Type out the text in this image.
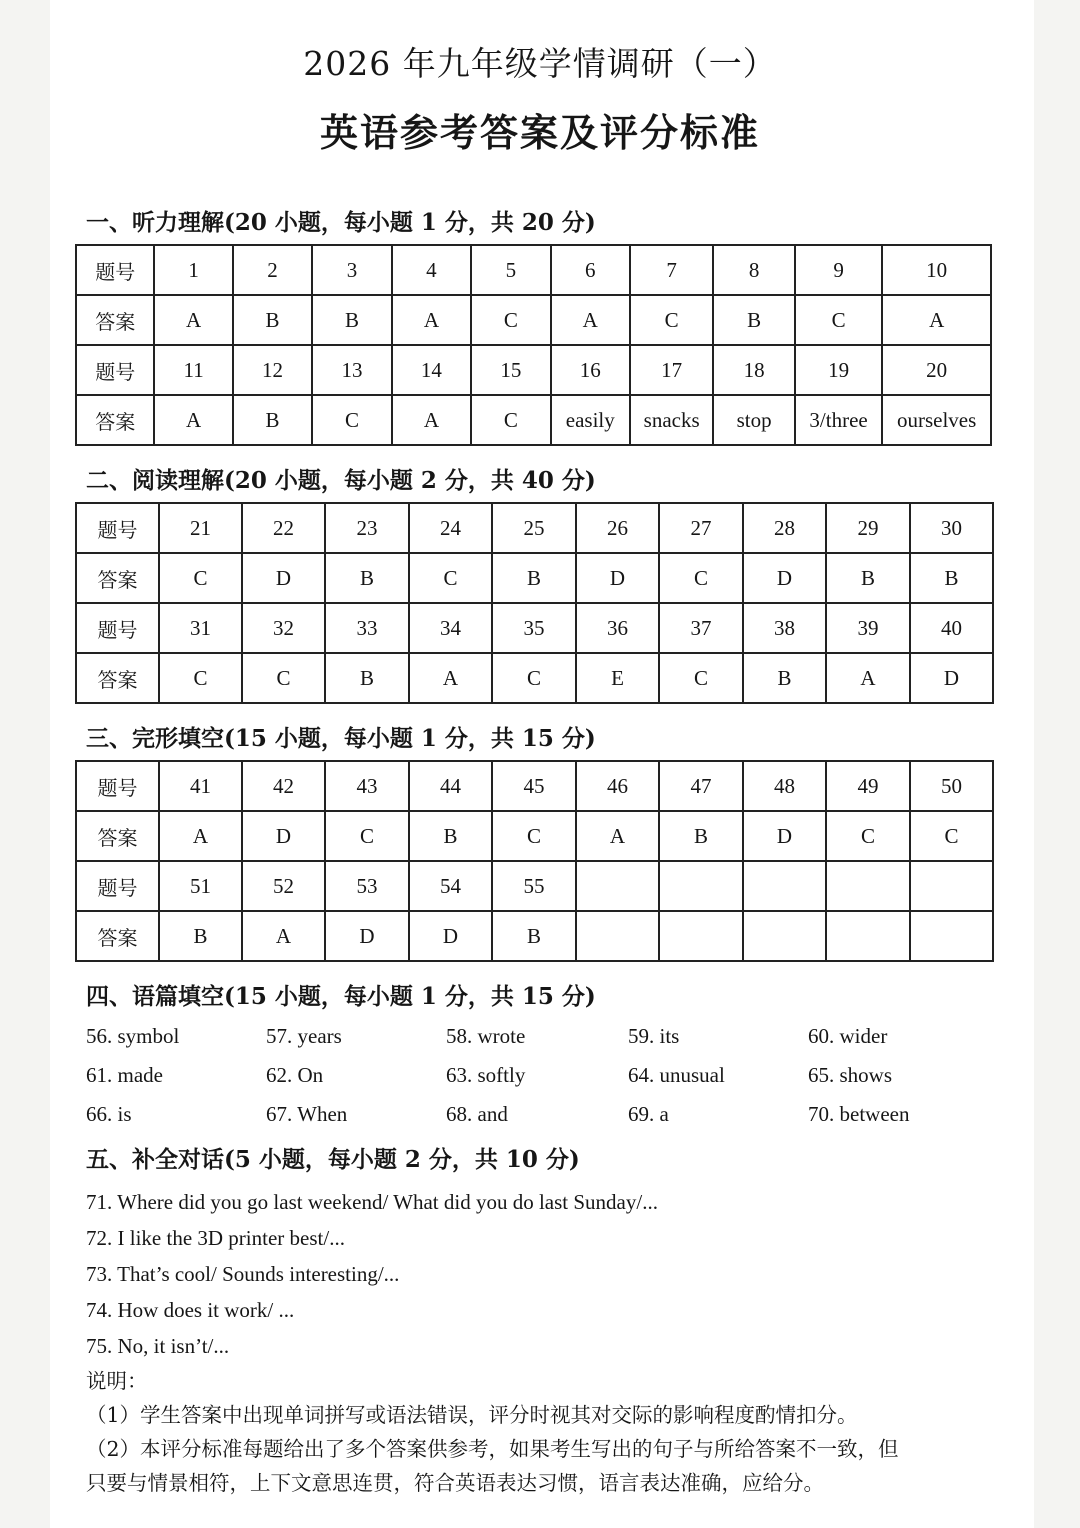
2026 年九年级学情调研（一）
英语参考答案及评分标准
一、听力理解(20 小题，每小题 1 分，共 20 分)
题号	1	2	3	4	5	6	7	8	9	10
答案	A	B	B	A	C	A	C	B	C	A
题号	11	12	13	14	15	16	17	18	19	20
答案	A	B	C	A	C	easily	snacks	stop	3/three	ourselves
二、阅读理解(20 小题，每小题 2 分，共 40 分)
题号	21	22	23	24	25	26	27	28	29	30
答案	C	D	B	C	B	D	C	D	B	B
题号	31	32	33	34	35	36	37	38	39	40
答案	C	C	B	A	C	E	C	B	A	D
三、完形填空(15 小题，每小题 1 分，共 15 分)
题号	41	42	43	44	45	46	47	48	49	50
答案	A	D	C	B	C	A	B	D	C	C
题号	51	52	53	54	55					
答案	B	A	D	D	B					
四、语篇填空(15 小题，每小题 1 分，共 15 分)
56. symbol	57. years	58. wrote	59. its	60. wider
61. made	62. On	63. softly	64. unusual	65. shows
66. is	67. When	68. and	69. a	70. between
五、补全对话(5 小题，每小题 2 分，共 10 分)
71. Where did you go last weekend/ What did you do last Sunday/...
72. I like the 3D printer best/...
73. That’s cool/ Sounds interesting/...
74. How does it work/ ...
75. No, it isn’t/...
说明：
（1）学生答案中出现单词拼写或语法错误，评分时视其对交际的影响程度酌情扣分。
（2）本评分标准每题给出了多个答案供参考，如果考生写出的句子与所给答案不一致，但
只要与情景相符，上下文意思连贯，符合英语表达习惯，语言表达准确，应给分。
